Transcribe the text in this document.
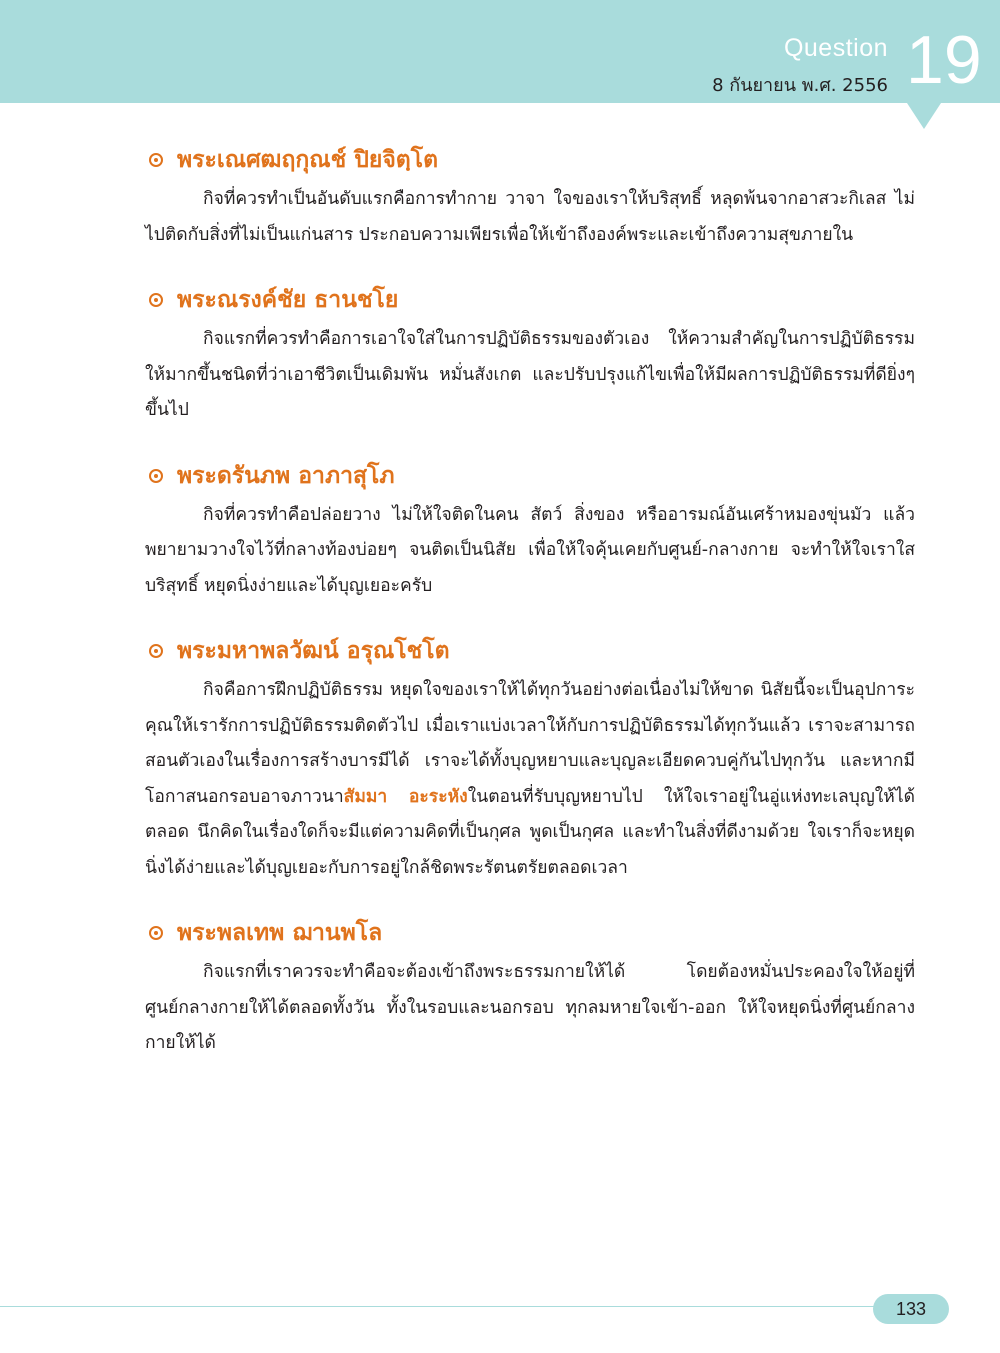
Question
8 กันยายน พ.ศ. 2556 19
พระเณศฒฤกุณช์ ปิยจิตฺโต

กิจที่ควรทำเป็นอันดับแรกคือการทำกาย วาจา ใจของเราให้บริสุทธิ์ หลุดพ้นจากอาสวะกิเลส ไม่ไปติดกับสิ่งที่ไม่เป็นแก่นสาร ประกอบความเพียรเพื่อให้เข้าถึงองค์พระและเข้าถึงความสุขภายใน

พระณรงค์ชัย ธานชโย

กิจแรกที่ควรทำคือการเอาใจใส่ในการปฏิบัติธรรมของตัวเอง ให้ความสำคัญในการปฏิบัติธรรมให้มากขึ้นชนิดที่ว่าเอาชีวิตเป็นเดิมพัน หมั่นสังเกต และปรับปรุงแก้ไขเพื่อให้มีผลการปฏิบัติธรรมที่ดียิ่งๆ ขึ้นไป

พระดรันภพ อาภาสุโภ

กิจที่ควรทำคือปล่อยวาง ไม่ให้ใจติดในคน สัตว์ สิ่งของ หรืออารมณ์อันเศร้าหมองขุ่นมัว แล้วพยายามวางใจไว้ที่กลางท้องบ่อยๆ จนติดเป็นนิสัย เพื่อให้ใจคุ้นเคยกับศูนย์-กลางกาย จะทำให้ใจเราใสบริสุทธิ์ หยุดนิ่งง่ายและได้บุญเยอะครับ

พระมหาพลวัฒน์ อรุณโชโต

กิจคือการฝึกปฏิบัติธรรม หยุดใจของเราให้ได้ทุกวันอย่างต่อเนื่องไม่ให้ขาด นิสัยนี้จะเป็นอุปการะคุณให้เรารักการปฏิบัติธรรมติดตัวไป เมื่อเราแบ่งเวลาให้กับการปฏิบัติธรรมได้ทุกวันแล้ว เราจะสามารถสอนตัวเองในเรื่องการสร้างบารมีได้ เราจะได้ทั้งบุญหยาบและบุญละเอียดควบคู่กันไปทุกวัน และหากมีโอกาสนอกรอบอาจภาวนาสัมมา อะระหังในตอนที่รับบุญหยาบไป ให้ใจเราอยู่ในอู่แห่งทะเลบุญให้ได้ตลอด นึกคิดในเรื่องใดก็จะมีแต่ความคิดที่เป็นกุศล พูดเป็นกุศล และทำในสิ่งที่ดีงามด้วย ใจเราก็จะหยุดนิ่งได้ง่ายและได้บุญเยอะกับการอยู่ใกล้ชิดพระรัตนตรัยตลอดเวลา

พระพลเทพ ฌานพโล

กิจแรกที่เราควรจะทำคือจะต้องเข้าถึงพระธรรมกายให้ได้ โดยต้องหมั่นประคองใจให้อยู่ที่ศูนย์กลางกายให้ได้ตลอดทั้งวัน ทั้งในรอบและนอกรอบ ทุกลมหายใจเข้า-ออก ให้ใจหยุดนิ่งที่ศูนย์กลางกายให้ได้

133
